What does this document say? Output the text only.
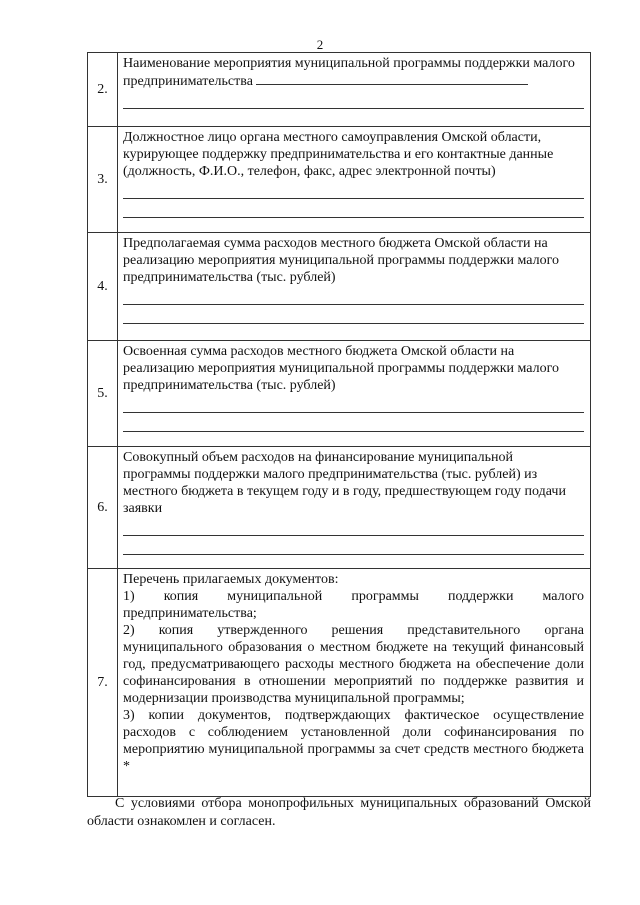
2
2.	Наименование мероприятия муниципальной программы поддержки малого предпринимательства

3.	Должностное лицо органа местного самоуправления Омской области, курирующее поддержку предпринимательства и его контактные данные (должность, Ф.И.О., телефон, факс, адрес электронной почты)

4.	Предполагаемая сумма расходов местного бюджета Омской области на реализацию мероприятия муниципальной программы поддержки малого предпринимательства (тыс. рублей)

5.	Освоенная сумма расходов местного бюджета Омской области на реализацию мероприятия муниципальной программы поддержки малого предпринимательства (тыс. рублей)

6.	Совокупный объем расходов на финансирование муниципальной программы поддержки малого предпринимательства (тыс. рублей) из местного бюджета в текущем году и в году, предшествующем году подачи заявки

7.	Перечень прилагаемых документов:

1) копия муниципальной программы поддержки малого предпринимательства;

2) копия утвержденного решения представительного органа муниципального образования о местном бюджете на текущий финансовый год, предусматривающего расходы местного бюджета на обеспечение доли софинансирования в отношении мероприятий по поддержке развития и модернизации производства муниципальной программы;

3) копии документов, подтверждающих фактическое осуществление расходов с соблюдением установленной доли софинансирования по мероприятию муниципальной программы за счет средств местного бюджета *

С условиями отбора монопрофильных муниципальных образований Омской области ознакомлен и согласен.
